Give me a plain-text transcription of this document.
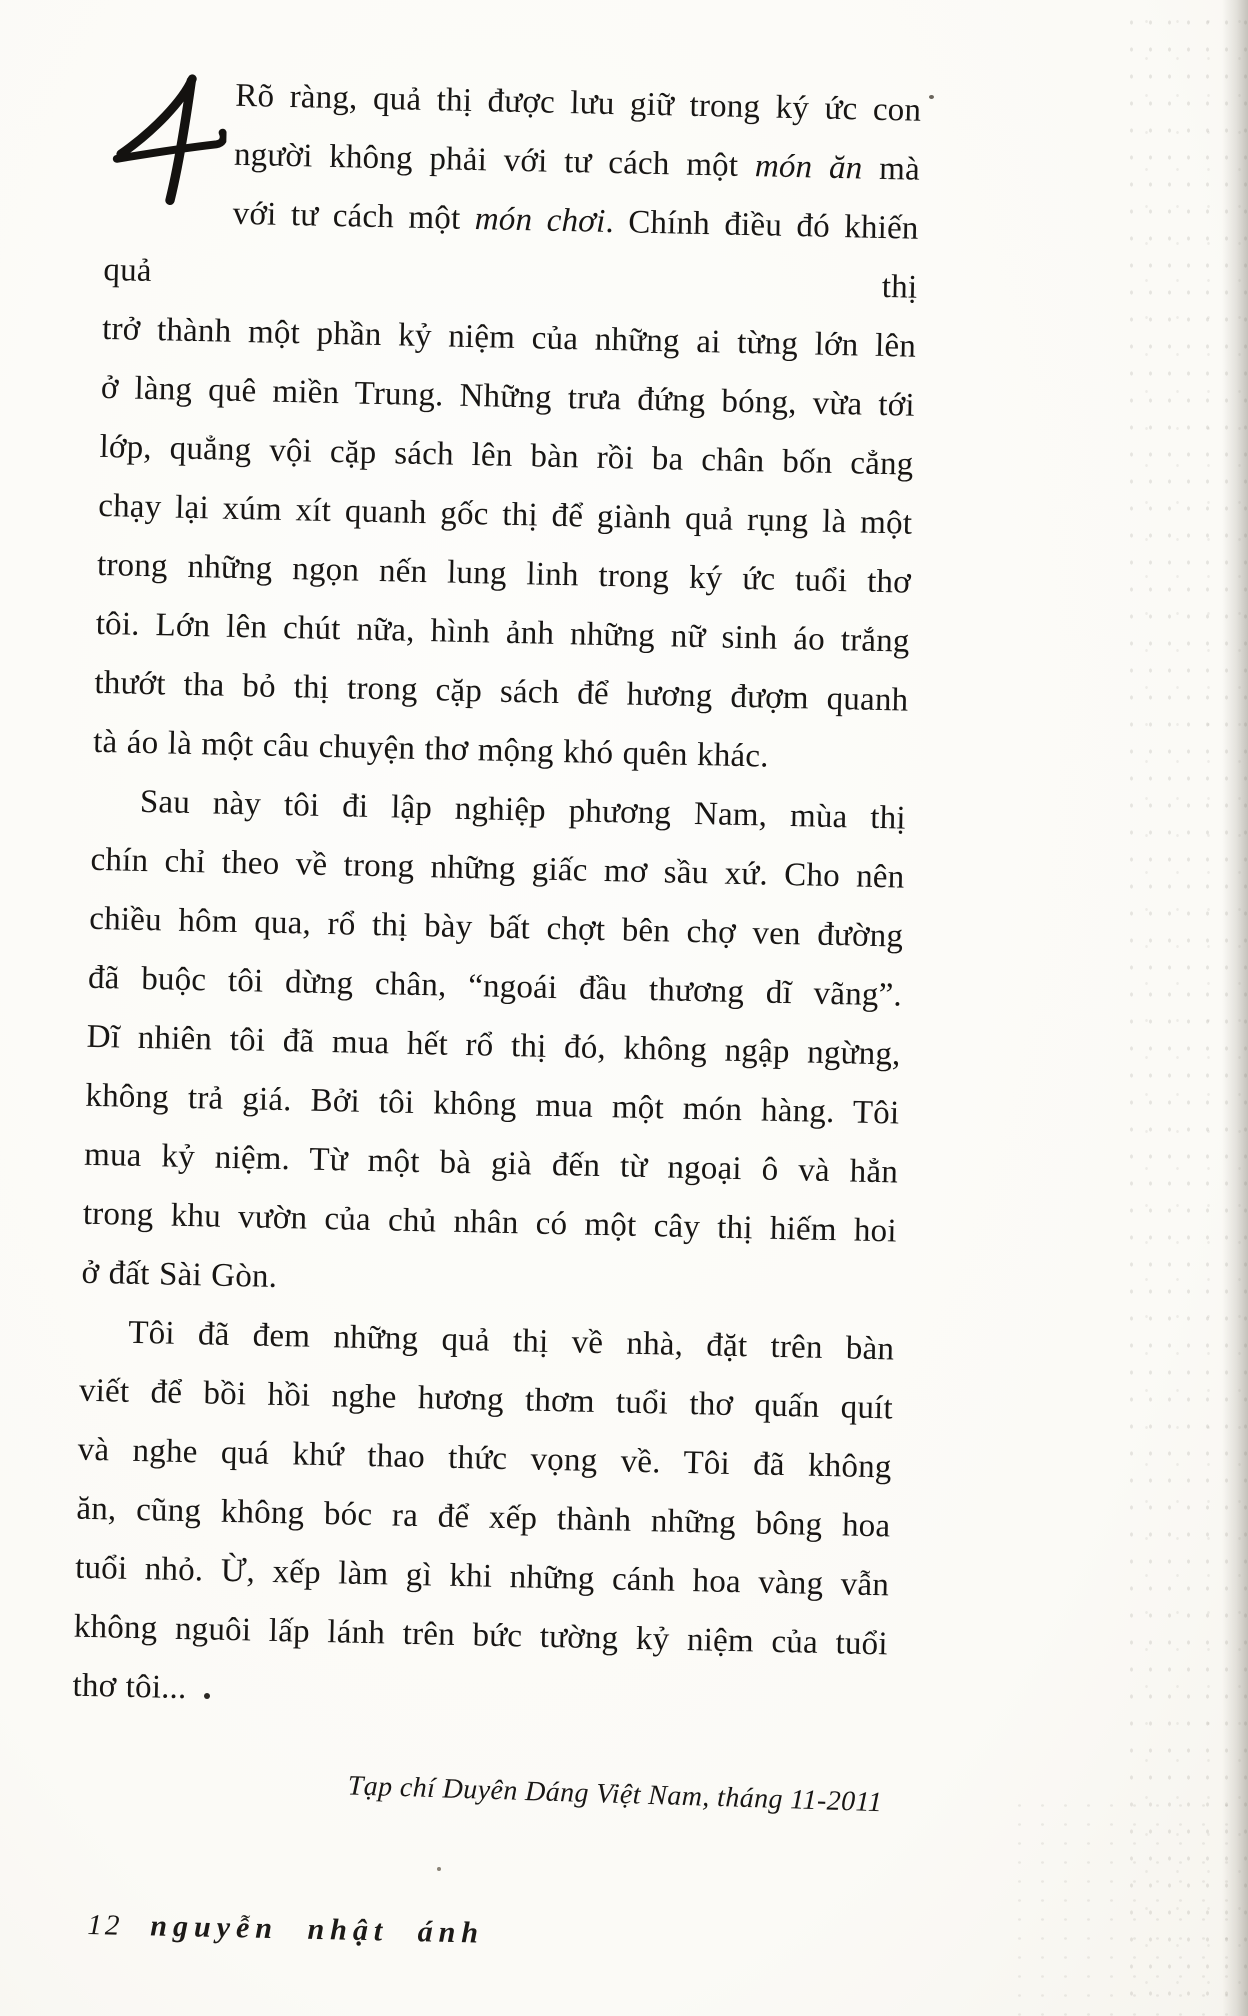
Rõ ràng, quả thị được lưu giữ trong ký ức con
người không phải với tư cách một món ăn mà
với tư cách một món chơi. Chính điều đó khiến quả thị
trở thành một phần kỷ niệm của những ai từng lớn lên
ở làng quê miền Trung. Những trưa đứng bóng, vừa tới
lớp, quẳng vội cặp sách lên bàn rồi ba chân bốn cẳng
chạy lại xúm xít quanh gốc thị để giành quả rụng là một
trong những ngọn nến lung linh trong ký ức tuổi thơ
tôi. Lớn lên chút nữa, hình ảnh những nữ sinh áo trắng
thướt tha bỏ thị trong cặp sách để hương đượm quanh
tà áo là một câu chuyện thơ mộng khó quên khác.
Sau này tôi đi lập nghiệp phương Nam, mùa thị
chín chỉ theo về trong những giấc mơ sầu xứ. Cho nên
chiều hôm qua, rổ thị bày bất chợt bên chợ ven đường
đã buộc tôi dừng chân, “ngoái đầu thương dĩ vãng”.
Dĩ nhiên tôi đã mua hết rổ thị đó, không ngập ngừng,
không trả giá. Bởi tôi không mua một món hàng. Tôi
mua kỷ niệm. Từ một bà già đến từ ngoại ô và hẳn
trong khu vườn của chủ nhân có một cây thị hiếm hoi
ở đất Sài Gòn.
Tôi đã đem những quả thị về nhà, đặt trên bàn
viết để bồi hồi nghe hương thơm tuổi thơ quấn quít
và nghe quá khứ thao thức vọng về. Tôi đã không
ăn, cũng không bóc ra để xếp thành những bông hoa
tuổi nhỏ. Ừ, xếp làm gì khi những cánh hoa vàng vẫn
không nguôi lấp lánh trên bức tường kỷ niệm của tuổi
thơ tôi...
Tạp chí Duyên Dáng Việt Nam, tháng 11-2011
12 nguyễn nhật ánh
